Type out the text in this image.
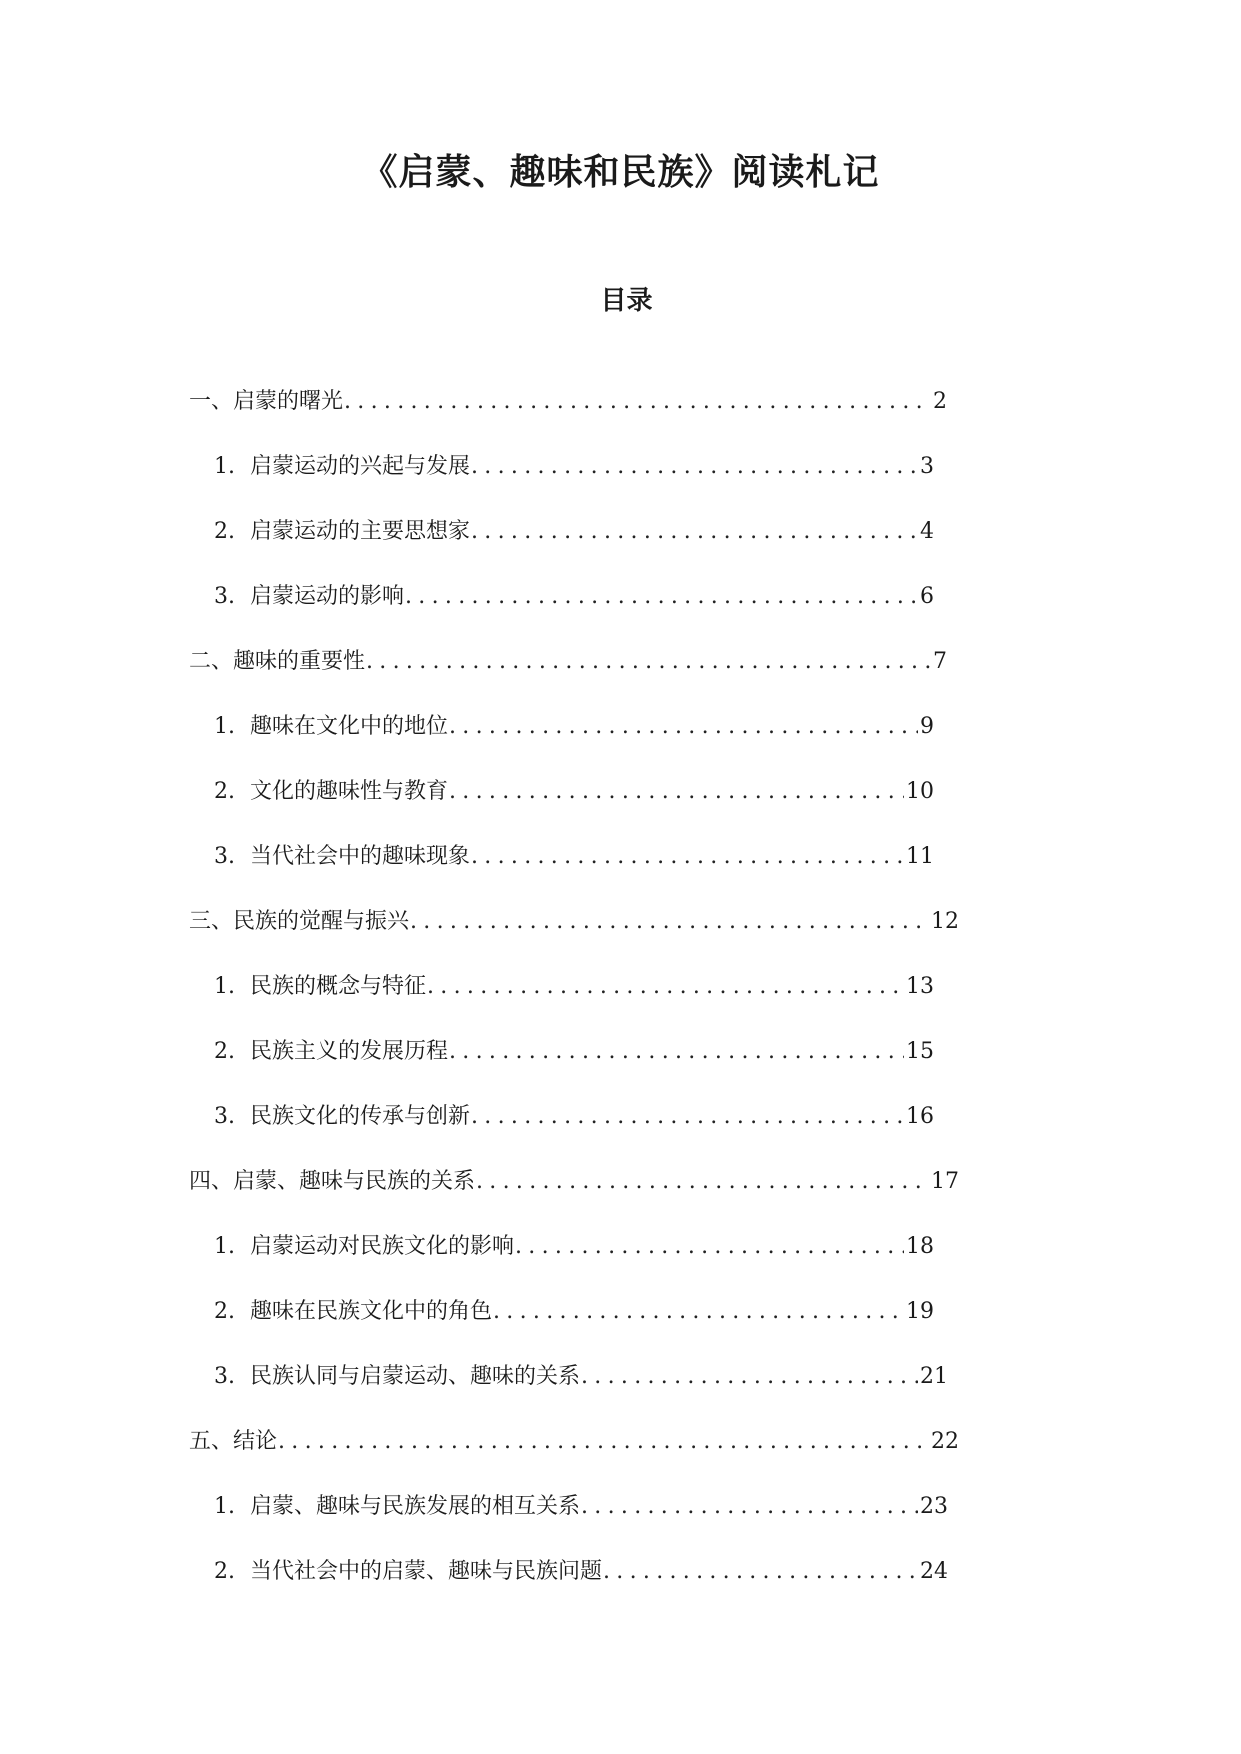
《启蒙、趣味和民族》阅读札记
目录
一、启蒙的曙光 .....	2
1. 启蒙运动的兴起与发展 .....	3
2. 启蒙运动的主要思想家 .....	4
3. 启蒙运动的影响 .....	6
二、趣味的重要性 .....	7
1. 趣味在文化中的地位 .....	9
2. 文化的趣味性与教育 .....	10
3. 当代社会中的趣味现象 .....	11
三、民族的觉醒与振兴 .....	12
1. 民族的概念与特征 .....	13
2. 民族主义的发展历程 .....	15
3. 民族文化的传承与创新 .....	16
四、启蒙、趣味与民族的关系 .....	17
1. 启蒙运动对民族文化的影响 .....	18
2. 趣味在民族文化中的角色 .....	19
3. 民族认同与启蒙运动、趣味的关系 .....	21
五、结论 .....	22
1. 启蒙、趣味与民族发展的相互关系 .....	23
2. 当代社会中的启蒙、趣味与民族问题 .....	24
